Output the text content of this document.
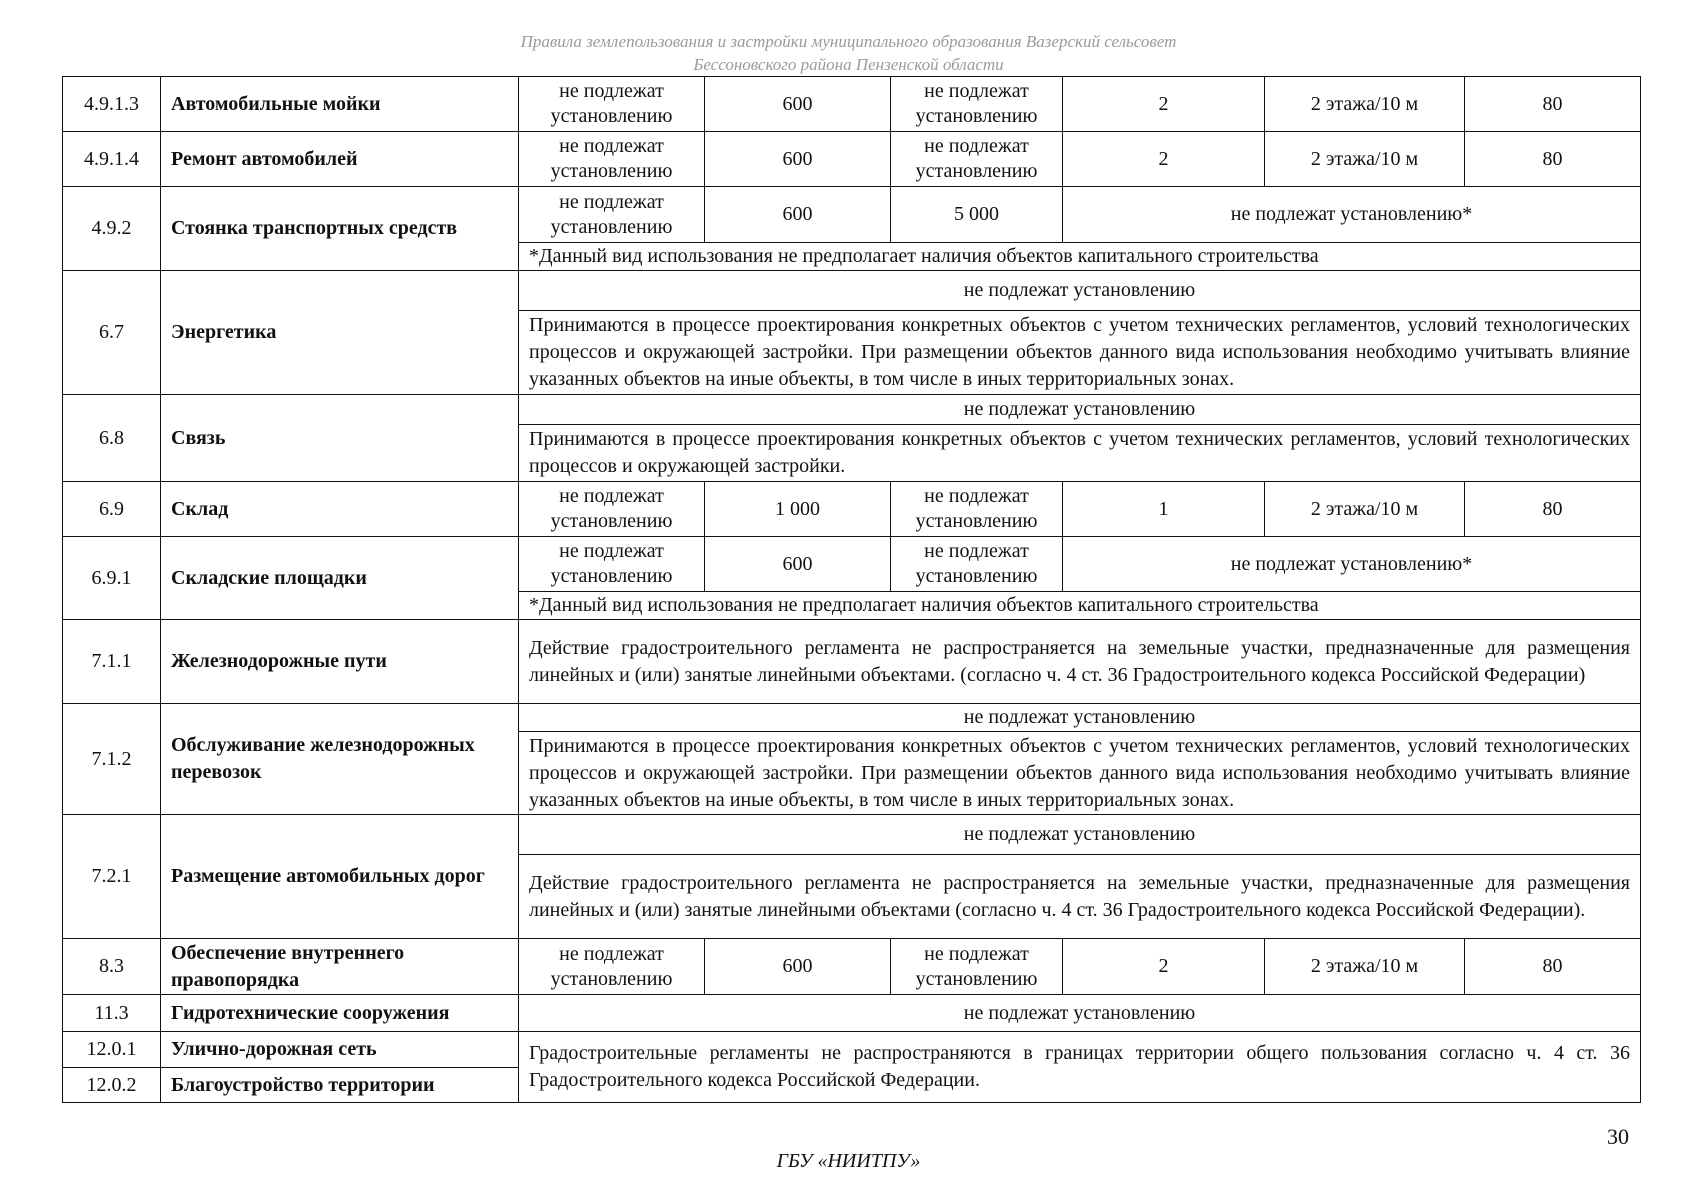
Правила землепользования и застройки муниципального образования Вазерский сельсовет
Бессоновского района Пензенской области
4.9.1.3	Автомобильные мойки	не подлежат установлению	600	не подлежат установлению	2	2 этажа/10 м	80
4.9.1.4	Ремонт автомобилей	не подлежат установлению	600	не подлежат установлению	2	2 этажа/10 м	80
4.9.2	Стоянка транспортных средств	не подлежат установлению	600	5 000	не подлежат установлению*		
		*Данный вид использования не предполагает наличия объектов капитального строительства					
6.7	Энергетика	не подлежат установлению					
		Принимаются в процессе проектирования конкретных объектов с учетом технических регламентов, условий технологических процессов и окружающей застройки. При размещении объектов данного вида использования необходимо учитывать влияние указанных объектов на иные объекты, в том числе в иных территориальных зонах.					
6.8	Связь	не подлежат установлению					
		Принимаются в процессе проектирования конкретных объектов с учетом технических регламентов, условий технологических процессов и окружающей застройки.					
6.9	Склад	не подлежат установлению	1 000	не подлежат установлению	1	2 этажа/10 м	80
6.9.1	Складские площадки	не подлежат установлению	600	не подлежат установлению	не подлежат установлению*		
		*Данный вид использования не предполагает наличия объектов капитального строительства					
7.1.1	Железнодорожные пути	Действие градостроительного регламента не распространяется на земельные участки, предназначенные для размещения линейных и (или) занятые линейными объектами. (согласно ч. 4 ст. 36 Градостроительного кодекса Российской Федерации)					
7.1.2	Обслуживание железнодорожных перевозок	не подлежат установлению					
		Принимаются в процессе проектирования конкретных объектов с учетом технических регламентов, условий технологических процессов и окружающей застройки. При размещении объектов данного вида использования необходимо учитывать влияние указанных объектов на иные объекты, в том числе в иных территориальных зонах.					
7.2.1	Размещение автомобильных дорог	не подлежат установлению					
		Действие градостроительного регламента не распространяется на земельные участки, предназначенные для размещения линейных и (или) занятые линейными объектами (согласно ч. 4 ст. 36 Градостроительного кодекса Российской Федерации).					
8.3	Обеспечение внутреннего правопорядка	не подлежат установлению	600	не подлежат установлению	2	2 этажа/10 м	80
11.3	Гидротехнические сооружения	не подлежат установлению					
12.0.1	Улично-дорожная сеть	Градостроительные регламенты не распространяются в границах территории общего пользования согласно ч. 4 ст. 36 Градостроительного кодекса Российской Федерации.					
12.0.2	Благоустройство территории						
30
ГБУ «НИИТПУ»
